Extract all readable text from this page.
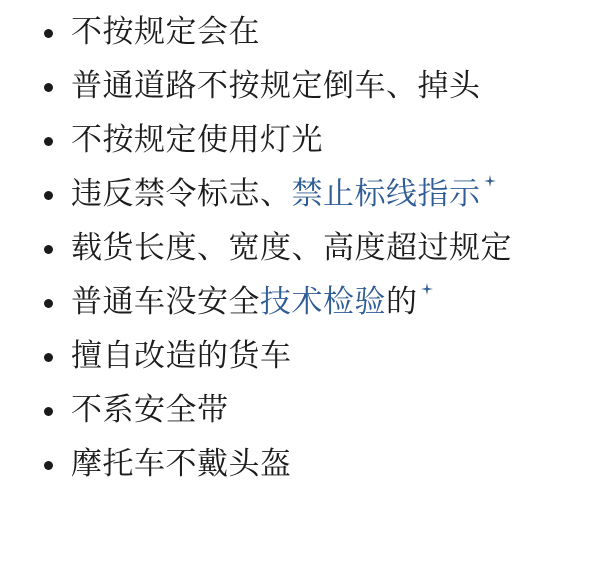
不按规定会在
普通道路不按规定倒车、掉头
不按规定使用灯光
违反禁令标志、禁止标线指示
载货长度、宽度、高度超过规定
普通车没安全技术检验的
擅自改造的货车
不系安全带
摩托车不戴头盔
